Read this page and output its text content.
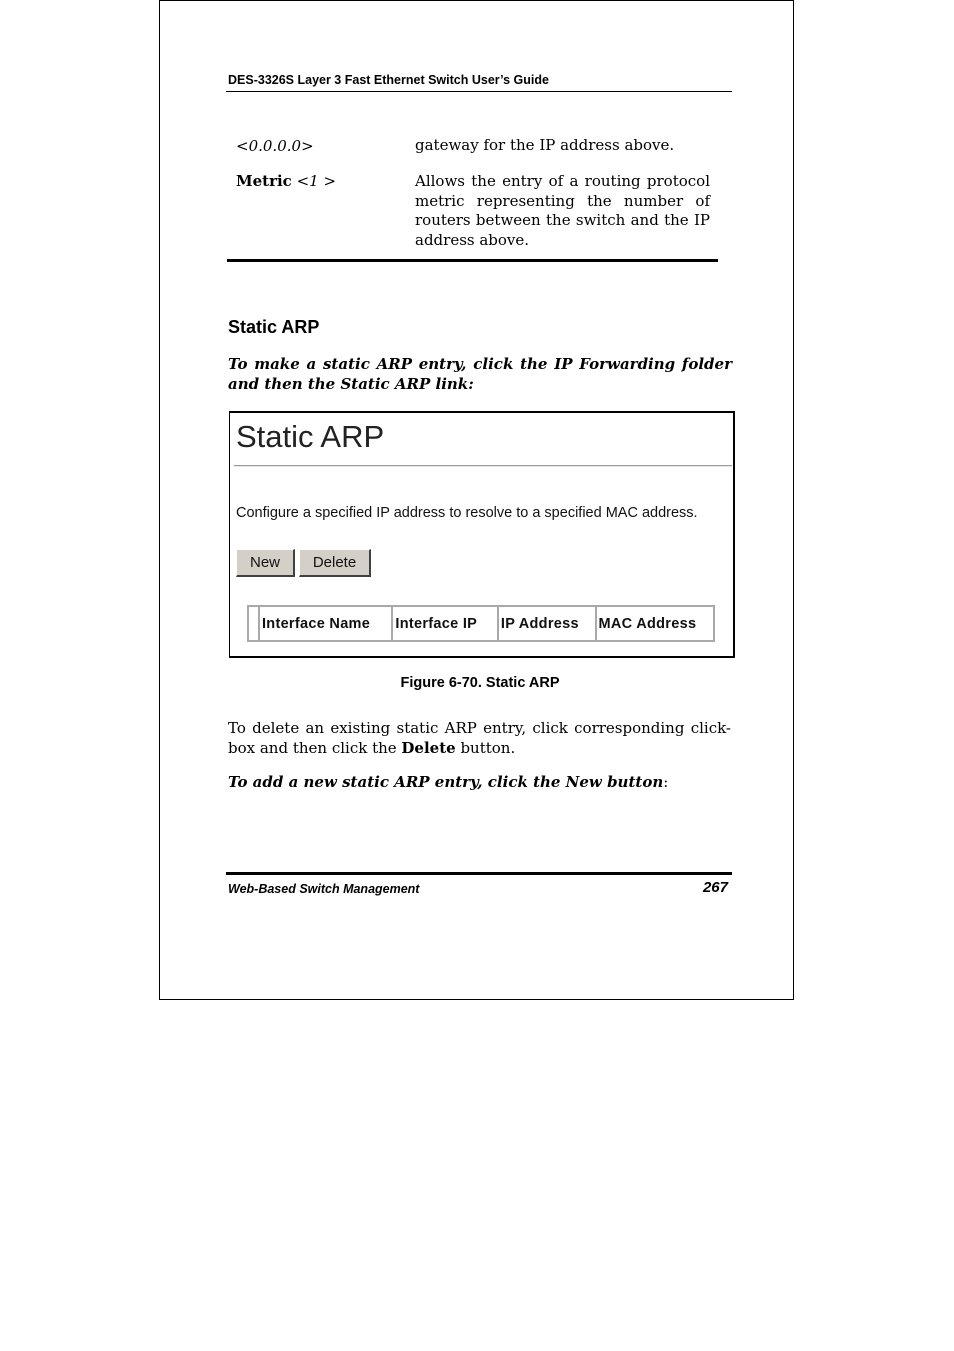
DES-3326S Layer 3 Fast Ethernet Switch User’s Guide
<0.0.0.0>	gateway for the IP address above.
Metric <1 >	Allows the entry of a routing protocol metric representing the number of routers between the switch and the IP address above.
Static ARP
To make a static ARP entry, click the IP Forwarding folder and then the Static ARP link:
Static ARP
Configure a specified IP address to resolve to a specified MAC address.
New	Delete
Interface Name	Interface IP	IP Address	MAC Address
Figure 6-70. Static ARP
To delete an existing static ARP entry, click corresponding click-box and then click the Delete button.
To add a new static ARP entry, click the New button:
Web-Based Switch Management	267
